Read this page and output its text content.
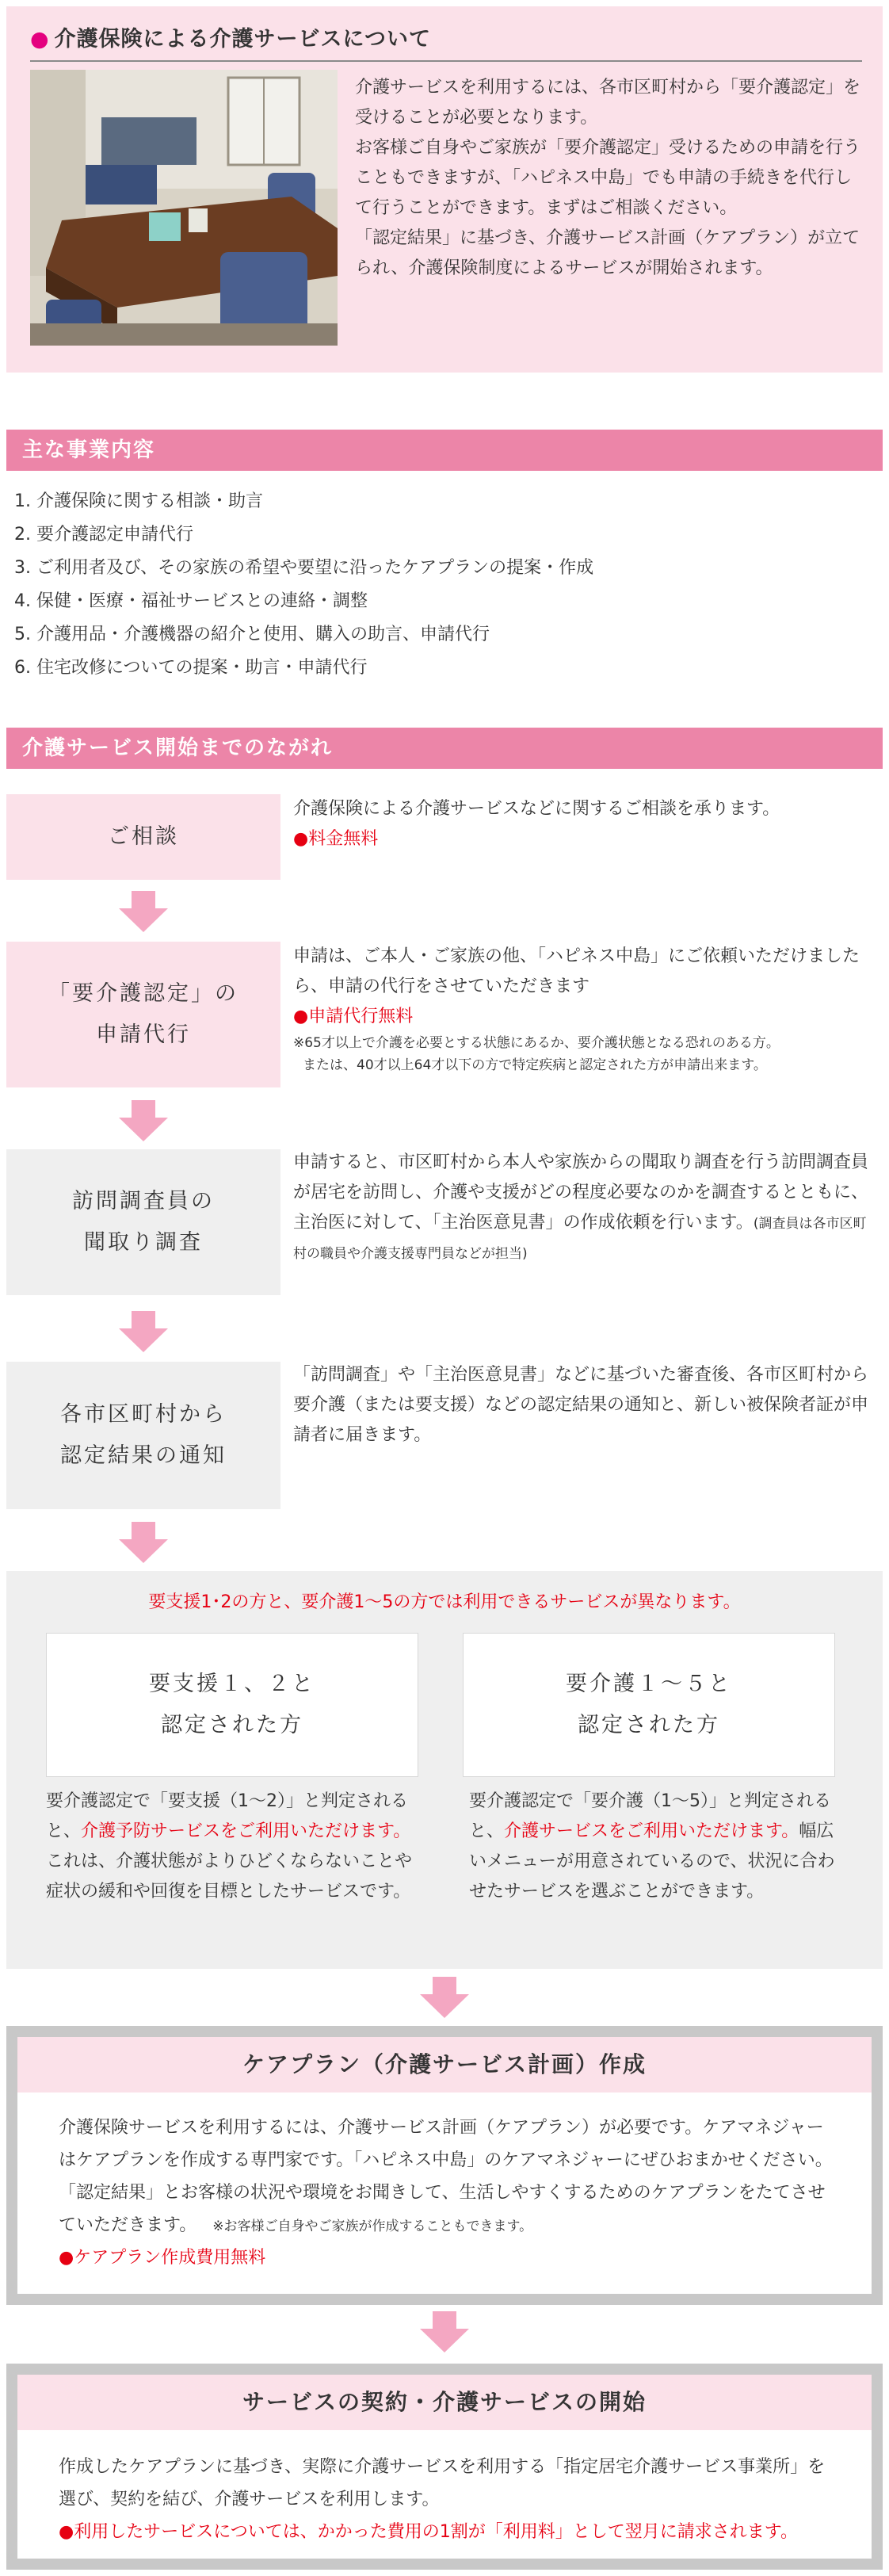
● 介護保険による介護サービスについて

介護サービスを利用するには、各市区町村から「要介護認定」を受けることが必要となります。

お客様ご自身やご家族が「要介護認定」受けるための申請を行うこともできますが、「ハピネス中島」でも申請の手続きを代行して行うことができます。まずはご相談ください。

「認定結果」に基づき、介護サービス計画（ケアプラン）が立てられ、介護保険制度によるサービスが開始されます。

主な事業内容
1. 介護保険に関する相談・助言
2. 要介護認定申請代行
3. ご利用者及び、その家族の希望や要望に沿ったケアプランの提案・作成
4. 保健・医療・福祉サービスとの連絡・調整
5. 介護用品・介護機器の紹介と使用、購入の助言、申請代行
6. 住宅改修についての提案・助言・申請代行
介護サービス開始までのながれ
ご相談
介護保険による介護サービスなどに関するご相談を承ります。
●料金無料
「要介護認定」の
申請代行
申請は、ご本人・ご家族の他、「ハピネス中島」にご依頼いただけましたら、申請の代行をさせていただきます
●申請代行無料
※65才以上で介護を必要とする状態にあるか、要介護状態となる恐れのある方。
または、40才以上64才以下の方で特定疾病と認定された方が申請出来ます。
訪問調査員の
聞取り調査
申請すると、市区町村から本人や家族からの聞取り調査を行う訪問調査員が居宅を訪問し、介護や支援がどの程度必要なのかを調査するとともに、主治医に対して、「主治医意見書」の作成依頼を行います。(調査員は各市区町村の職員や介護支援専門員などが担当)
各市区町村から
認定結果の通知
「訪問調査」や「主治医意見書」などに基づいた審査後、各市区町村から要介護（または要支援）などの認定結果の通知と、新しい被保険者証が申請者に届きます。
要支援1･2の方と、要介護1～5の方では利用できるサービスが異なります。
要支援１、２と
認定された方
要介護認定で「要支援（1～2）」と判定されると、介護予防サービスをご利用いただけます。これは、介護状態がよりひどくならないことや症状の緩和や回復を目標としたサービスです。
要介護１～５と
認定された方
要介護認定で「要介護（1～5）」と判定されると、介護サービスをご利用いただけます。幅広いメニューが用意されているので、状況に合わせたサービスを選ぶことができます。
ケアプラン（介護サービス計画）作成
介護保険サービスを利用するには、介護サービス計画（ケアプラン）が必要です。ケアマネジャーはケアプランを作成する専門家です。「ハピネス中島」のケアマネジャーにぜひおまかせください。「認定結果」とお客様の状況や環境をお聞きして、生活しやすくするためのケアプランをたてさせていただきます。 ※お客様ご自身やご家族が作成することもできます。
●ケアプラン作成費用無料
サービスの契約・介護サービスの開始
作成したケアプランに基づき、実際に介護サービスを利用する「指定居宅介護サービス事業所」を選び、契約を結び、介護サービスを利用します。
●利用したサービスについては、かかった費用の1割が「利用料」として翌月に請求されます。
